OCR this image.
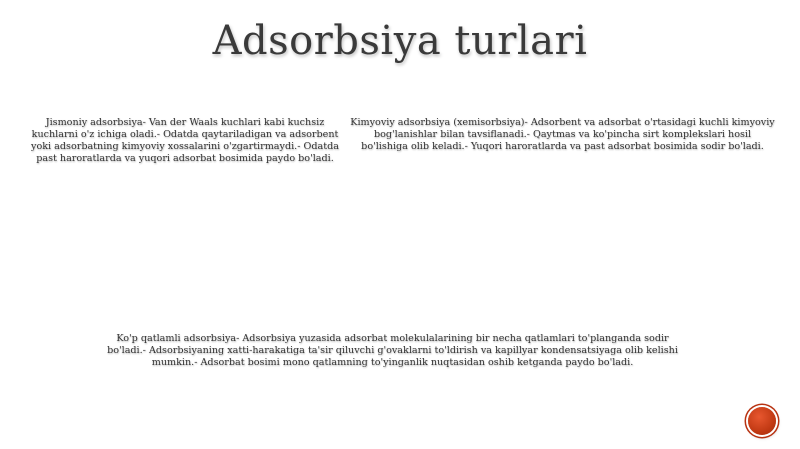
Adsorbsiya turlari

Jismoniy adsorbsiya- Van der Waals kuchlari kabi kuchsiz kuchlarni o'z ichiga oladi.- Odatda qaytariladigan va adsorbent yoki adsorbatning kimyoviy xossalarini o'zgartirmaydi.- Odatda past haroratlarda va yuqori adsorbat bosimida paydo bo'ladi.

Kimyoviy adsorbsiya (xemisorbsiya)- Adsorbent va adsorbat o'rtasidagi kuchli kimyoviy bog'lanishlar bilan tavsiflanadi.- Qaytmas va ko'pincha sirt komplekslari hosil bo'lishiga olib keladi.- Yuqori haroratlarda va past adsorbat bosimida sodir bo'ladi.

Ko'p qatlamli adsorbsiya- Adsorbsiya yuzasida adsorbat molekulalarining bir necha qatlamlari to'planganda sodir bo'ladi.- Adsorbsiyaning xatti-harakatiga ta'sir qiluvchi g'ovaklarni to'ldirish va kapillyar kondensatsiyaga olib kelishi mumkin.- Adsorbat bosimi mono qatlamning to'yinganlik nuqtasidan oshib ketganda paydo bo'ladi.
